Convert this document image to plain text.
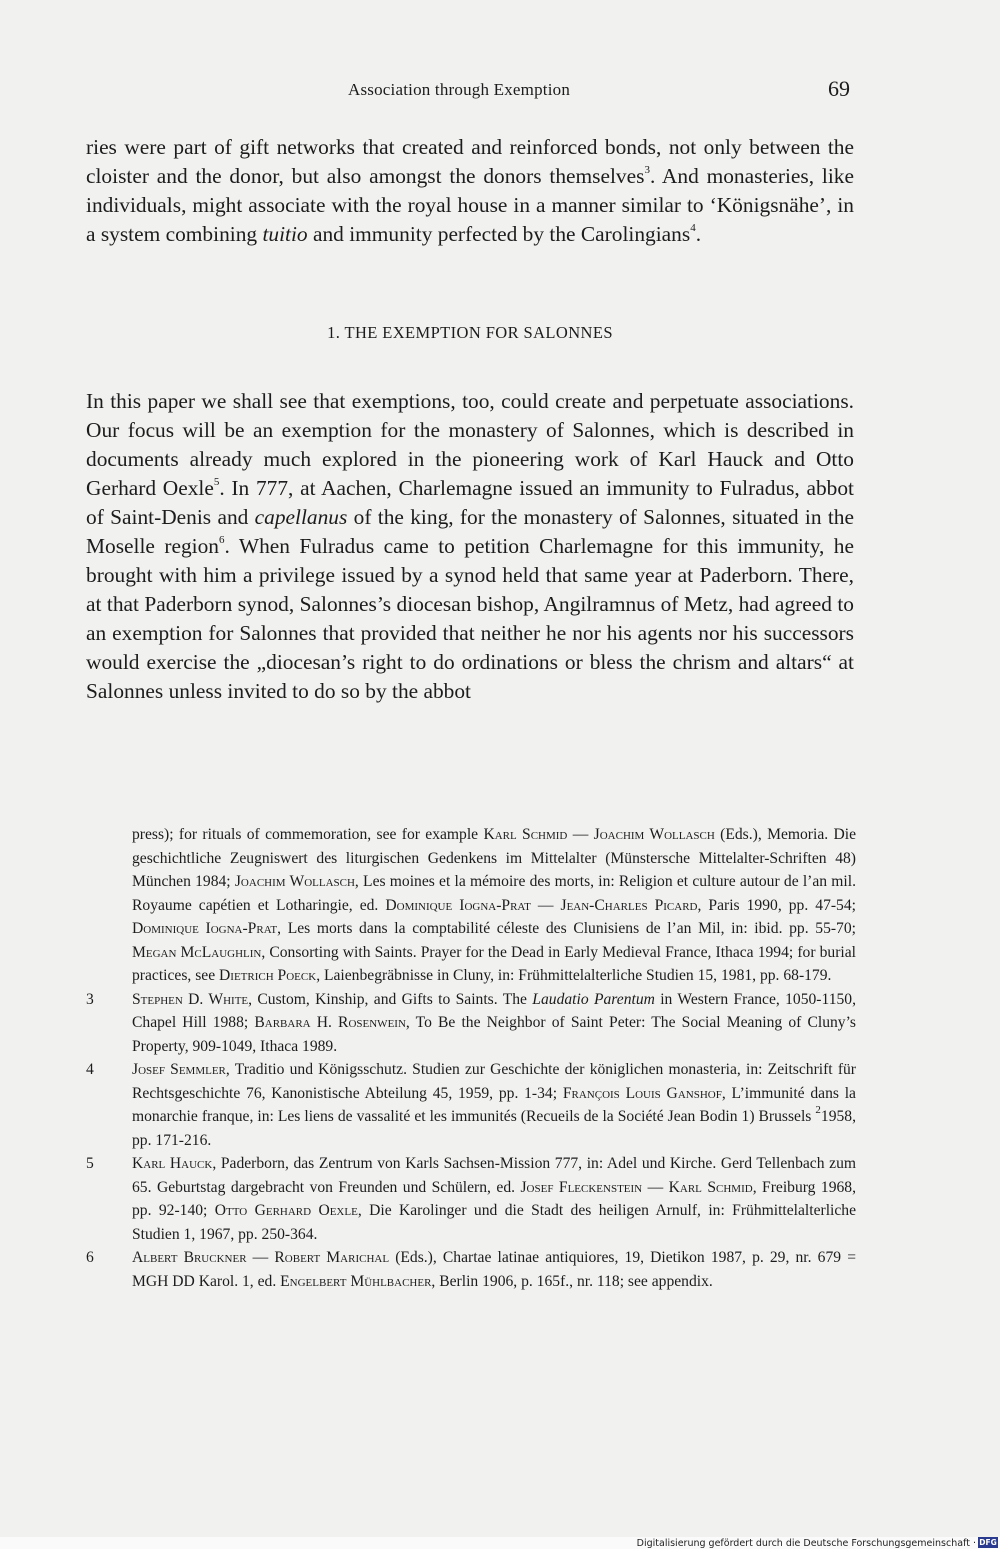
Association through Exemption	69

ries were part of gift networks that created and reinforced bonds, not only between the cloister and the donor, but also amongst the donors themselves$^3$. And monasteries, like individuals, might associate with the royal house in a manner similar to ‘Königsnähe’, in a system combining tuitio and immunity perfected by the Carolingians$^4$.

1. THE EXEMPTION FOR SALONNES

In this paper we shall see that exemptions, too, could create and perpetuate associations. Our focus will be an exemption for the monastery of Salonnes, which is described in documents already much explored in the pioneering work of Karl Hauck and Otto Gerhard Oexle$^5$. In 777, at Aachen, Charlemagne issued an immunity to Fulradus, abbot of Saint-Denis and capellanus of the king, for the monastery of Salonnes, situated in the Moselle region$^6$. When Fulradus came to petition Charlemagne for this immunity, he brought with him a privilege issued by a synod held that same year at Paderborn. There, at that Paderborn synod, Salonnes’s diocesan bishop, Angilramnus of Metz, had agreed to an exemption for Salonnes that provided that neither he nor his agents nor his successors would exercise the „diocesan’s right to do ordinations or bless the chrism and altars“ at Salonnes unless invited to do so by the abbot

press); for rituals of commemoration, see for example Karl Schmid — Joachim Wollasch (Eds.), Memoria. Die geschichtliche Zeugniswert des liturgischen Gedenkens im Mittelalter (Münstersche Mittelalter-Schriften 48) München 1984; Joachim Wollasch, Les moines et la mémoire des morts, in: Religion et culture autour de l’an mil. Royaume capétien et Lotharingie, ed. Dominique Iogna-Prat — Jean-Charles Picard, Paris 1990, pp. 47-54; Dominique Iogna-Prat, Les morts dans la comptabilité céleste des Clunisiens de l’an Mil, in: ibid. pp. 55-70; Megan McLaughlin, Consorting with Saints. Prayer for the Dead in Early Medieval France, Ithaca 1994; for burial practices, see Dietrich Poeck, Laienbegräbnisse in Cluny, in: Frühmittelalterliche Studien 15, 1981, pp. 68-179.
3	Stephen D. White, Custom, Kinship, and Gifts to Saints. The Laudatio Parentum in Western France, 1050-1150, Chapel Hill 1988; Barbara H. Rosenwein, To Be the Neighbor of Saint Peter: The Social Meaning of Cluny’s Property, 909-1049, Ithaca 1989.
4	Josef Semmler, Traditio und Königsschutz. Studien zur Geschichte der königlichen monasteria, in: Zeitschrift für Rechtsgeschichte 76, Kanonistische Abteilung 45, 1959, pp. 1-34; François Louis Ganshof, L’immunité dans la monarchie franque, in: Les liens de vassalité et les immunités (Recueils de la Société Jean Bodin 1) Brussels $^2$1958, pp. 171-216.
5	Karl Hauck, Paderborn, das Zentrum von Karls Sachsen-Mission 777, in: Adel und Kirche. Gerd Tellenbach zum 65. Geburtstag dargebracht von Freunden und Schülern, ed. Josef Fleckenstein — Karl Schmid, Freiburg 1968, pp. 92-140; Otto Gerhard Oexle, Die Karolinger und die Stadt des heiligen Arnulf, in: Frühmittelalterliche Studien 1, 1967, pp. 250-364.
6	Albert Bruckner — Robert Marichal (Eds.), Chartae latinae antiquiores, 19, Dietikon 1987, p. 29, nr. 679 = MGH DD Karol. 1, ed. Engelbert Mühlbacher, Berlin 1906, p. 165f., nr. 118; see appendix.
Digitalisierung gefördert durch die Deutsche Forschungsgemeinschaft · DFG
